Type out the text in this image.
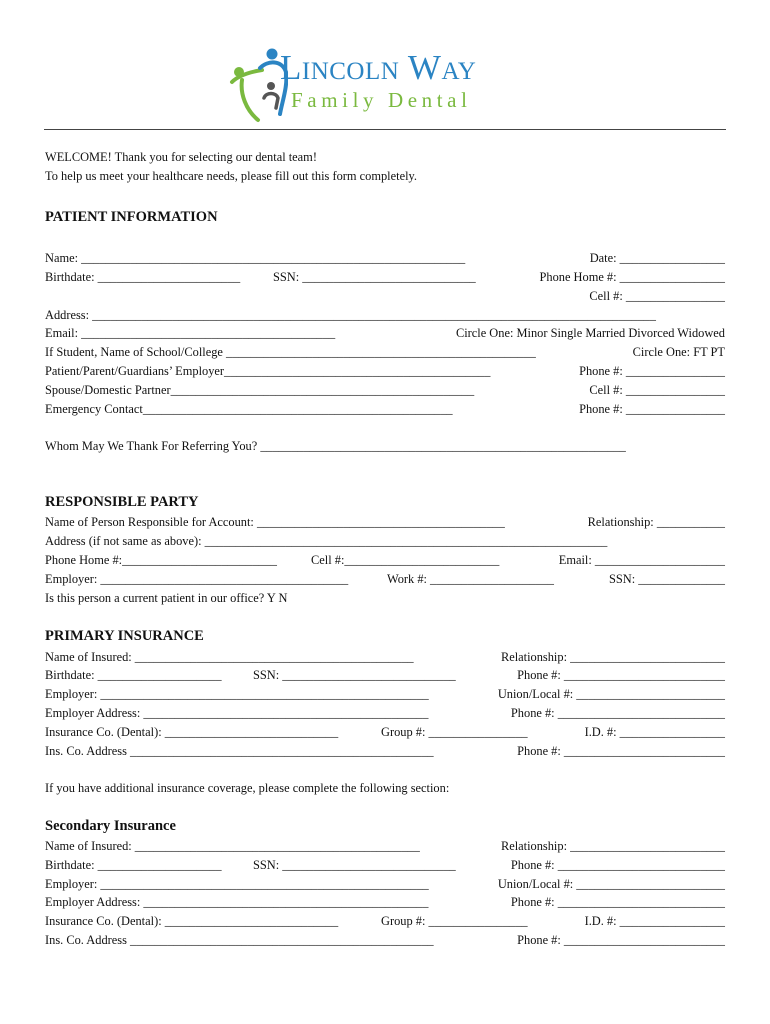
Lincoln Way
Family Dental
WELCOME! Thank you for selecting our dental team!
To help us meet your healthcare needs, please fill out this form completely.
PATIENT INFORMATION
Name: ______________________________________________________________	Date: _________________
Birthdate: _______________________	SSN: ____________________________	Phone Home #: _________________
Cell #: ________________
Address: ___________________________________________________________________________________________
Email: _________________________________________	Circle One: Minor Single Married Divorced Widowed
If Student, Name of School/College __________________________________________________	Circle One: FT PT
Patient/Parent/Guardians’ Employer___________________________________________	Phone #: ________________
Spouse/Domestic Partner_________________________________________________	Cell #: ________________
Emergency Contact__________________________________________________	Phone #: ________________
Whom May We Thank For Referring You? ___________________________________________________________
RESPONSIBLE PARTY
Name of Person Responsible for Account: ________________________________________	Relationship: ___________
Address (if not same as above): _________________________________________________________________
Phone Home #:_________________________	Cell #:_________________________	Email: _____________________
Employer: ________________________________________	Work #: ____________________	SSN: ______________
Is this person a current patient in our office? Y N
PRIMARY INSURANCE
Name of Insured: _____________________________________________	Relationship: _________________________
Birthdate: ____________________	SSN: ____________________________	Phone #: __________________________
Employer: _____________________________________________________	Union/Local #: ________________________
Employer Address: ______________________________________________	Phone #: ___________________________
Insurance Co. (Dental): ____________________________	Group #: ________________	I.D. #: _________________
Ins. Co. Address _________________________________________________	Phone #: __________________________
If you have additional insurance coverage, please complete the following section:
Secondary Insurance
Name of Insured: ______________________________________________	Relationship: _________________________
Birthdate: ____________________	SSN: ____________________________	Phone #: ___________________________
Employer: _____________________________________________________	Union/Local #: ________________________
Employer Address: ______________________________________________	Phone #: ___________________________
Insurance Co. (Dental): ____________________________	Group #: ________________	I.D. #: _________________
Ins. Co. Address _________________________________________________	Phone #: __________________________
